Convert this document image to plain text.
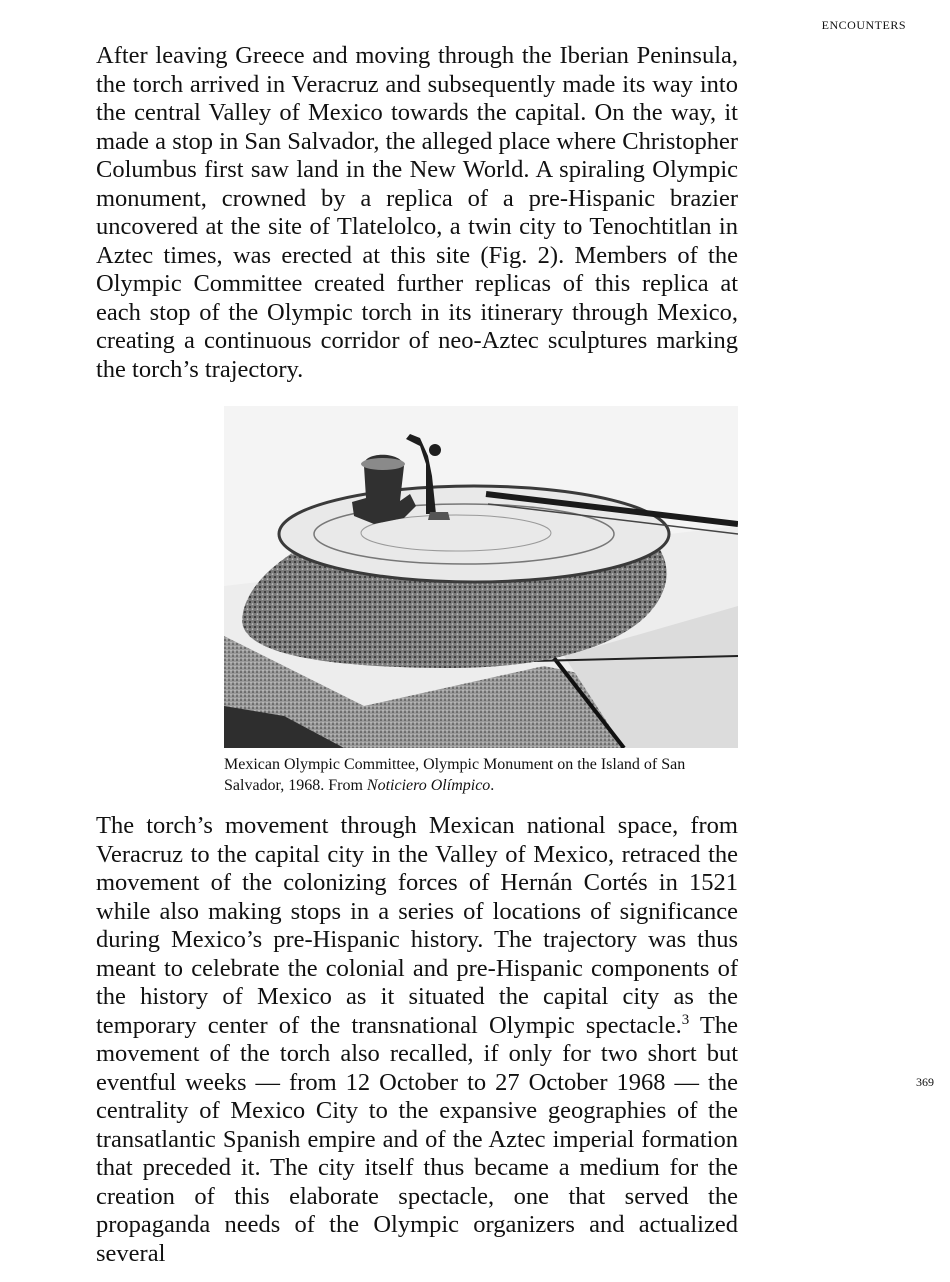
ENCOUNTERS

After leaving Greece and moving through the Iberian Peninsula, the torch arrived in Veracruz and subsequently made its way into the central Valley of Mexico towards the capital. On the way, it made a stop in San Salvador, the alleged place where Christopher Columbus first saw land in the New World. A spiraling Olympic monument, crowned by a replica of a pre-Hispanic brazier uncovered at the site of Tlatelolco, a twin city to Tenochtitlan in Aztec times, was erected at this site (Fig. 2). Members of the Olympic Committee created further replicas of this replica at each stop of the Olympic torch in its itinerary through Mexico, creating a continuous corridor of neo-Aztec sculptures marking the torch’s trajectory.

Mexican Olympic Committee, Olympic Monument on the Island of San Salvador, 1968. From Noticiero Olímpico.

The torch’s movement through Mexican national space, from Veracruz to the capital city in the Valley of Mexico, retraced the movement of the colonizing forces of Hernán Cortés in 1521 while also making stops in a series of locations of significance during Mexico’s pre-Hispanic history. The trajectory was thus meant to celebrate the colonial and pre-Hispanic components of the history of Mexico as it situated the capital city as the temporary center of the transnational Olympic spectacle.$^3$ The movement of the torch also recalled, if only for two short but eventful weeks — from 12 October to 27 October 1968 — the centrality of Mexico City to the expansive geographies of the transatlantic Spanish empire and of the Aztec imperial formation that preceded it. The city itself thus became a medium for the creation of this elaborate spectacle, one that served the propaganda needs of the Olympic organizers and actualized several

369
